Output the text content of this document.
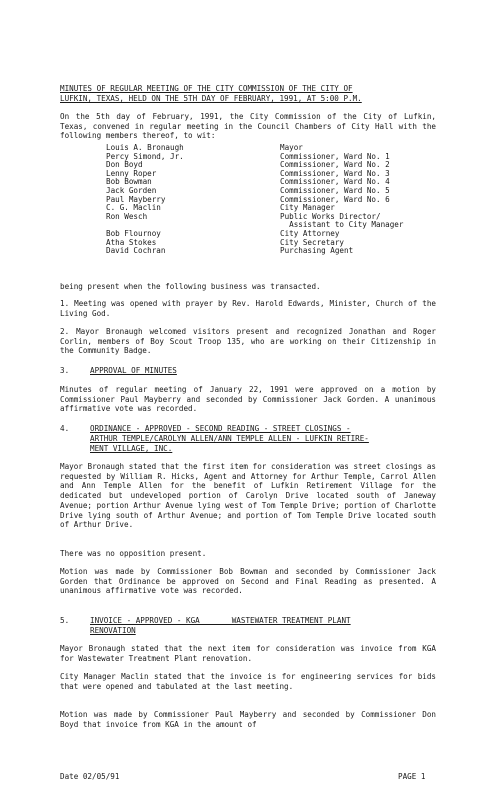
MINUTES OF REGULAR MEETING OF THE CITY COMMISSION OF THE CITY OF
LUFKIN, TEXAS, HELD ON THE 5TH DAY OF FEBRUARY, 1991, AT 5:00 P.M.
On the 5th day of February, 1991, the City Commission of the City of Lufkin, Texas, convened in regular meeting in the Council Chambers of City Hall with the following members thereof, to wit:
Louis A. Bronaugh	Mayor
Percy Simond, Jr.	Commissioner, Ward No. 1
Don Boyd	Commissioner, Ward No. 2
Lenny Roper	Commissioner, Ward No. 3
Bob Bowman	Commissioner, Ward No. 4
Jack Gorden	Commissioner, Ward No. 5
Paul Mayberry	Commissioner, Ward No. 6
C. G. Maclin	City Manager
Ron Wesch	Public Works Director/
Assistant to City Manager
Bob Flournoy	City Attorney
Atha Stokes	City Secretary
David Cochran	Purchasing Agent
being present when the following business was transacted.
1. Meeting was opened with prayer by Rev. Harold Edwards, Minister, Church of the Living God.
2. Mayor Bronaugh welcomed visitors present and recognized Jonathan and Roger Corlin, members of Boy Scout Troop 135, who are working on their Citizenship in the Community Badge.
3.	APPROVAL OF MINUTES
Minutes of regular meeting of January 22, 1991 were approved on a motion by Commissioner Paul Mayberry and seconded by Commissioner Jack Gorden. A unanimous affirmative vote was recorded.
4.	ORDINANCE - APPROVED - SECOND READING - STREET CLOSINGS -
ARTHUR TEMPLE/CAROLYN ALLEN/ANN TEMPLE ALLEN - LUFKIN RETIRE-
MENT VILLAGE, INC.
Mayor Bronaugh stated that the first item for consideration was street closings as requested by William R. Hicks, Agent and Attorney for Arthur Temple, Carrol Allen and Ann Temple Allen for the benefit of Lufkin Retirement Village for the dedicated but undeveloped portion of Carolyn Drive located south of Janeway Avenue; portion Arthur Avenue lying west of Tom Temple Drive; portion of Charlotte Drive lying south of Arthur Avenue; and portion of Tom Temple Drive located south of Arthur Drive.
There was no opposition present.
Motion was made by Commissioner Bob Bowman and seconded by Commissioner Jack Gorden that Ordinance be approved on Second and Final Reading as presented. A unanimous affirmative vote was recorded.
5.	INVOICE - APPROVED - KGA       WASTEWATER TREATMENT PLANT
RENOVATION
Mayor Bronaugh stated that the next item for consideration was invoice from KGA for Wastewater Treatment Plant renovation.
City Manager Maclin stated that the invoice is for engineering services for bids that were opened and tabulated at the last meeting.
Motion was made by Commissioner Paul Mayberry and seconded by Commissioner Don Boyd that invoice from KGA in the amount of
Date 02/05/91	PAGE 1
